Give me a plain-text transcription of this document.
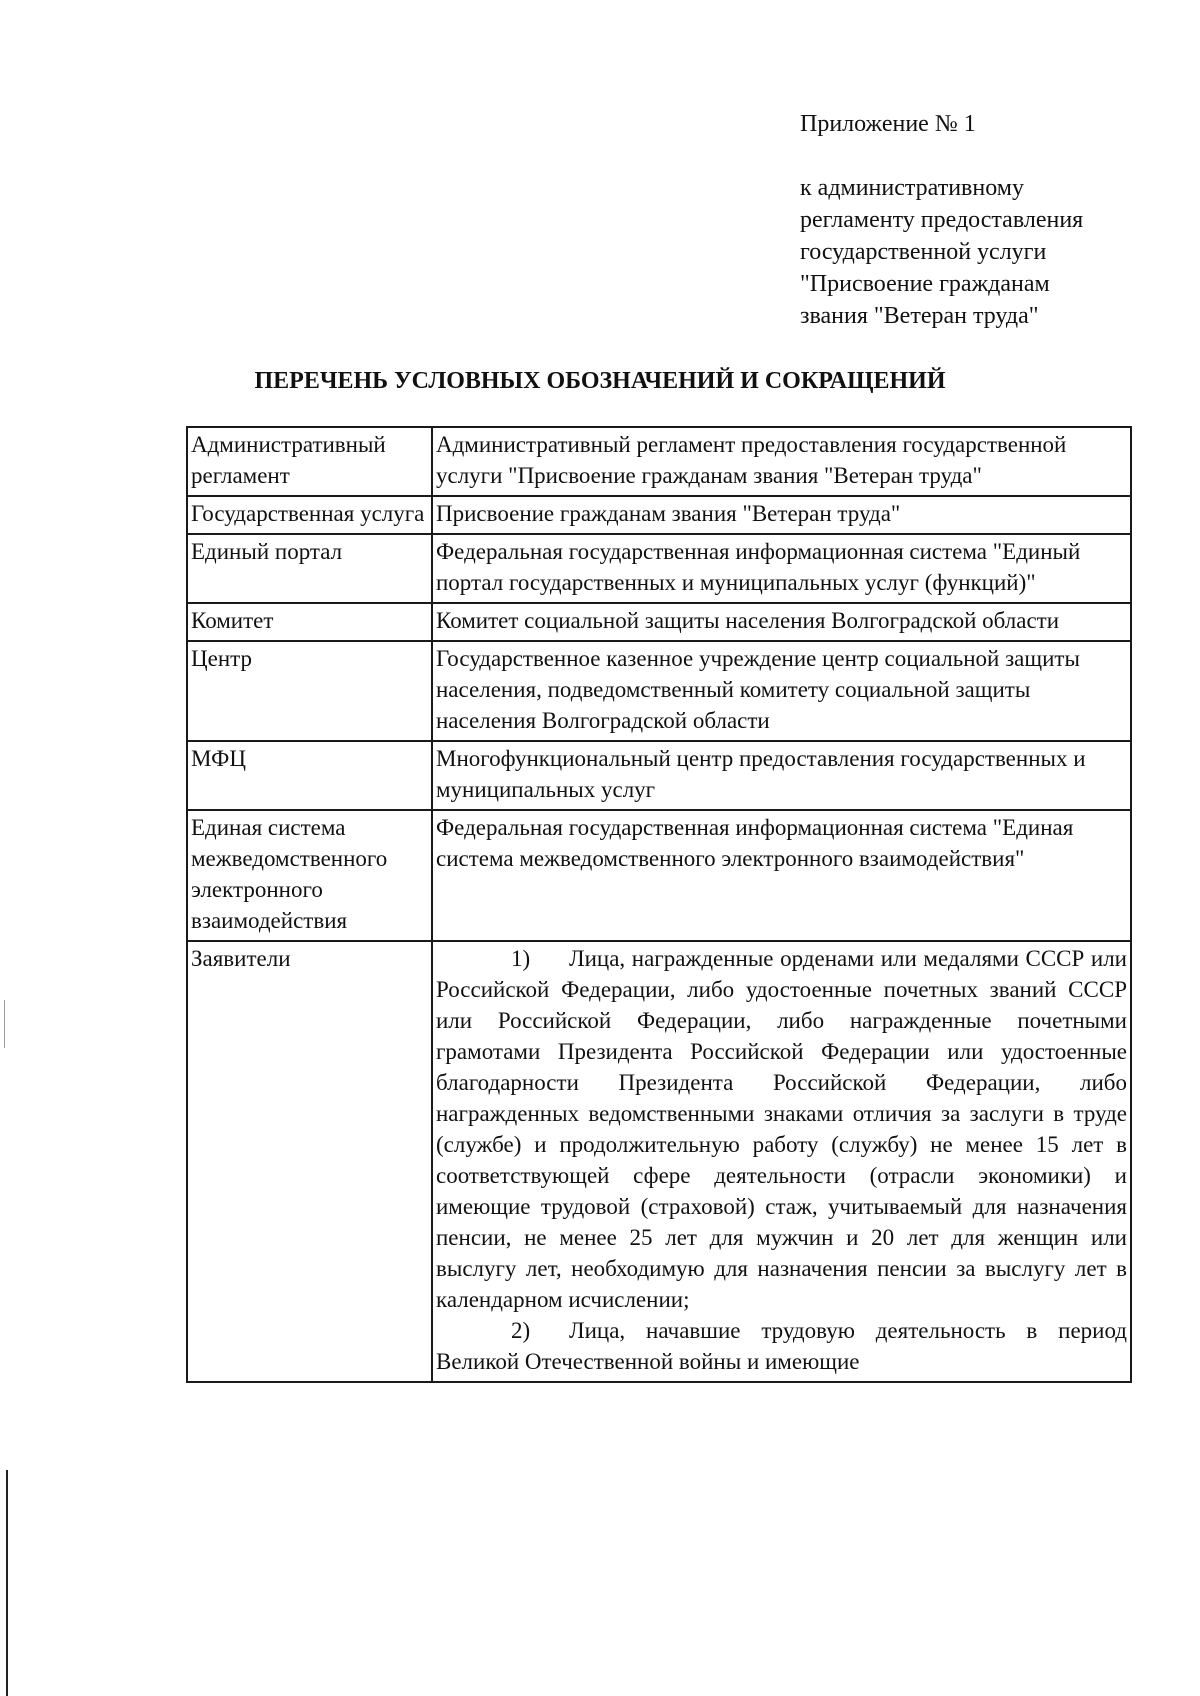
Приложение № 1

к административному

регламенту предоставления

государственной услуги

"Присвоение гражданам

звания "Ветеран труда"

ПЕРЕЧЕНЬ УСЛОВНЫХ ОБОЗНАЧЕНИЙ И СОКРАЩЕНИЙ
Административный регламент	Административный регламент предоставления государственной услуги "Присвоение гражданам звания "Ветеран труда"
Государственная услуга	Присвоение гражданам звания "Ветеран труда"
Единый портал	Федеральная государственная информационная система "Единый портал государственных и муниципальных услуг (функций)"
Комитет	Комитет социальной защиты населения Волгоградской области
Центр	Государственное казенное учреждение центр социальной защиты населения, подведомственный комитету социальной защиты населения Волгоградской области
МФЦ	Многофункциональный центр предоставления государственных и муниципальных услуг
Единая система межведомственного электронного взаимодействия	Федеральная государственная информационная система "Единая система межведомственного электронного взаимодействия"
Заявители	1) Лица, награжденные орденами или медалями СССР или Российской Федерации, либо удостоенные почетных званий СССР или Российской Федерации, либо награжденные почетными грамотами Президента Российской Федерации или удостоенные благодарности Президента Российской Федерации, либо награжденных ведомственными знаками отличия за заслуги в труде (службе) и продолжительную работу (службу) не менее 15 лет в соответствующей сфере деятельности (отрасли экономики) и имеющие трудовой (страховой) стаж, учитываемый для назначения пенсии, не менее 25 лет для мужчин и 20 лет для женщин или выслугу лет, необходимую для назначения пенсии за выслугу лет в календарном исчислении;

2) Лица, начавшие трудовую деятельность в период Великой Отечественной войны и имеющие
